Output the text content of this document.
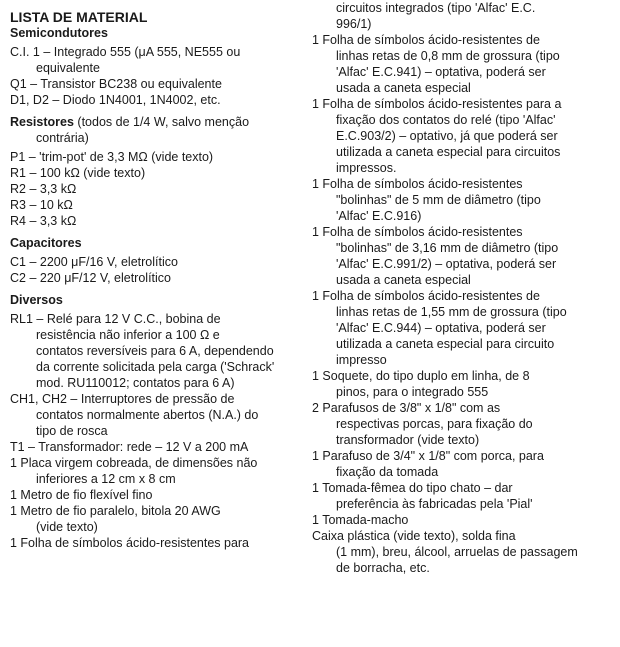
LISTA DE MATERIAL
Semicondutores
C.I. 1 – Integrado 555 (μA 555, NE555 ou
equivalente
Q1 – Transistor BC238 ou equivalente
D1, D2 – Diodo 1N4001, 1N4002, etc.
Resistores (todos de 1/4 W, salvo menção
contrária)
P1 – 'trim-pot' de 3,3 MΩ (vide texto)
R1 – 100 kΩ (vide texto)
R2 – 3,3 kΩ
R3 – 10 kΩ
R4 – 3,3 kΩ
Capacitores
C1 – 2200 μF/16 V, eletrolítico
C2 – 220 μF/12 V, eletrolítico
Diversos
RL1 – Relé para 12 V C.C., bobina de
resistência não inferior a 100 Ω e
contatos reversíveis para 6 A, dependendo
da corrente solicitada pela carga ('Schrack'
mod. RU110012; contatos para 6 A)
CH1, CH2 – Interruptores de pressão de
contatos normalmente abertos (N.A.) do
tipo de rosca
T1 – Transformador: rede – 12 V a 200 mA
1 Placa virgem cobreada, de dimensões não
inferiores a 12 cm x 8 cm
1 Metro de fio flexível fino
1 Metro de fio paralelo, bitola 20 AWG
(vide texto)
1 Folha de símbolos ácido-resistentes para
circuitos integrados (tipo 'Alfac' E.C.
996/1)
1 Folha de símbolos ácido-resistentes de
linhas retas de 0,8 mm de grossura (tipo
'Alfac' E.C.941) – optativa, poderá ser
usada a caneta especial
1 Folha de símbolos ácido-resistentes para a
fixação dos contatos do relé (tipo 'Alfac'
E.C.903/2) – optativo, já que poderá ser
utilizada a caneta especial para circuitos
impressos.
1 Folha de símbolos ácido-resistentes
"bolinhas" de 5 mm de diâmetro (tipo
'Alfac' E.C.916)
1 Folha de símbolos ácido-resistentes
"bolinhas" de 3,16 mm de diâmetro (tipo
'Alfac' E.C.991/2) – optativa, poderá ser
usada a caneta especial
1 Folha de símbolos ácido-resistentes de
linhas retas de 1,55 mm de grossura (tipo
'Alfac' E.C.944) – optativa, poderá ser
utilizada a caneta especial para circuito
impresso
1 Soquete, do tipo duplo em linha, de 8
pinos, para o integrado 555
2 Parafusos de 3/8" x 1/8" com as
respectivas porcas, para fixação do
transformador (vide texto)
1 Parafuso de 3/4" x 1/8" com porca, para
fixação da tomada
1 Tomada-fêmea do tipo chato – dar
preferência às fabricadas pela 'Pial'
1 Tomada-macho
Caixa plástica (vide texto), solda fina
(1 mm), breu, álcool, arruelas de passagem
de borracha, etc.
